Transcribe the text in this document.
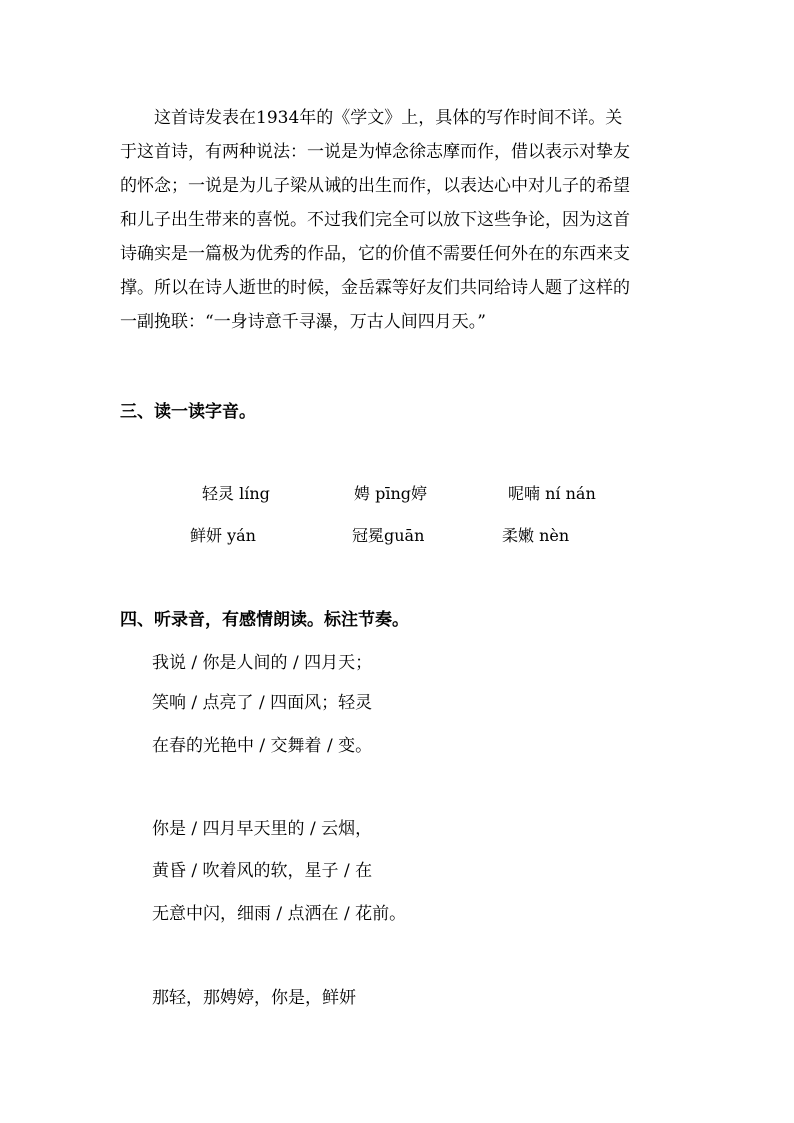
这首诗发表在1934年的《学文》上，具体的写作时间不详。关
于这首诗，有两种说法：一说是为悼念徐志摩而作，借以表示对挚友
的怀念；一说是为儿子梁从诫的出生而作，以表达心中对儿子的希望
和儿子出生带来的喜悦。不过我们完全可以放下这些争论，因为这首
诗确实是一篇极为优秀的作品，它的价值不需要任何外在的东西来支
撑。所以在诗人逝世的时候，金岳霖等好友们共同给诗人题了这样的
一副挽联：“一身诗意千寻瀑，万古人间四月天。”
三、读一读字音。
轻灵 líng	娉 pīng婷	呢喃 ní nán
鲜妍 yán	冠冕guān	柔嫩 nèn
四、听录音，有感情朗读。标注节奏。
我说 / 你是人间的 / 四月天；
笑响 / 点亮了 / 四面风；轻灵
在春的光艳中 / 交舞着 / 变。
你是 / 四月早天里的 / 云烟，
黄昏 / 吹着风的软，星子 / 在
无意中闪，细雨 / 点洒在 / 花前。
那轻，那娉婷，你是，鲜妍
